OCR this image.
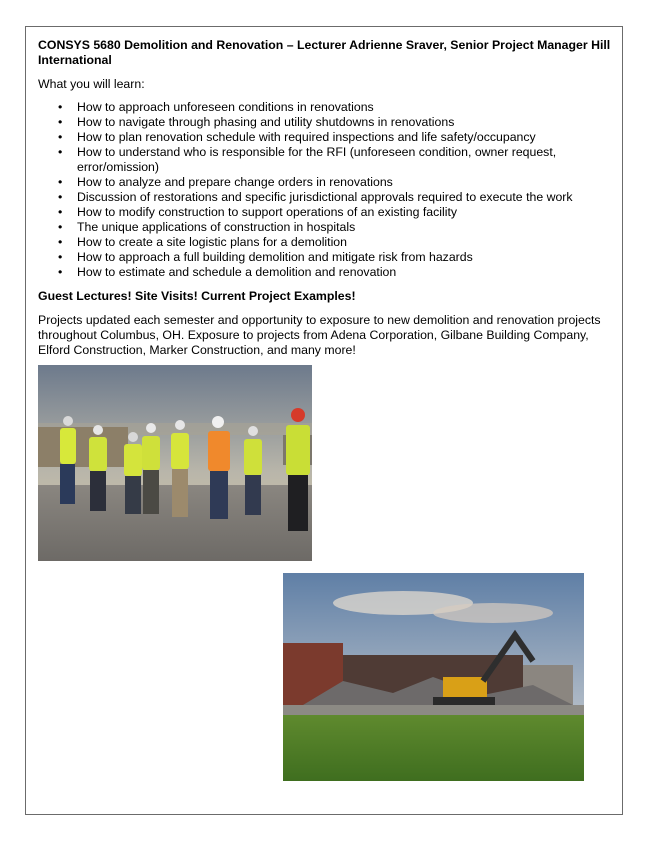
CONSYS 5680 Demolition and Renovation – Lecturer Adrienne Sraver, Senior Project Manager Hill International

What you will learn:

• How to approach unforeseen conditions in renovations
• How to navigate through phasing and utility shutdowns in renovations
• How to plan renovation schedule with required inspections and life safety/occupancy
• How to understand who is responsible for the RFI (unforeseen condition, owner request, error/omission)
• How to analyze and prepare change orders in renovations
• Discussion of restorations and specific jurisdictional approvals required to execute the work
• How to modify construction to support operations of an existing facility
• The unique applications of construction in hospitals
• How to create a site logistic plans for a demolition
• How to approach a full building demolition and mitigate risk from hazards
• How to estimate and schedule a demolition and renovation

Guest Lectures! Site Visits! Current Project Examples!

Projects updated each semester and opportunity to exposure to new demolition and renovation projects throughout Columbus, OH. Exposure to projects from Adena Corporation, Gilbane Building Company, Elford Construction, Marker Construction, and many more!
